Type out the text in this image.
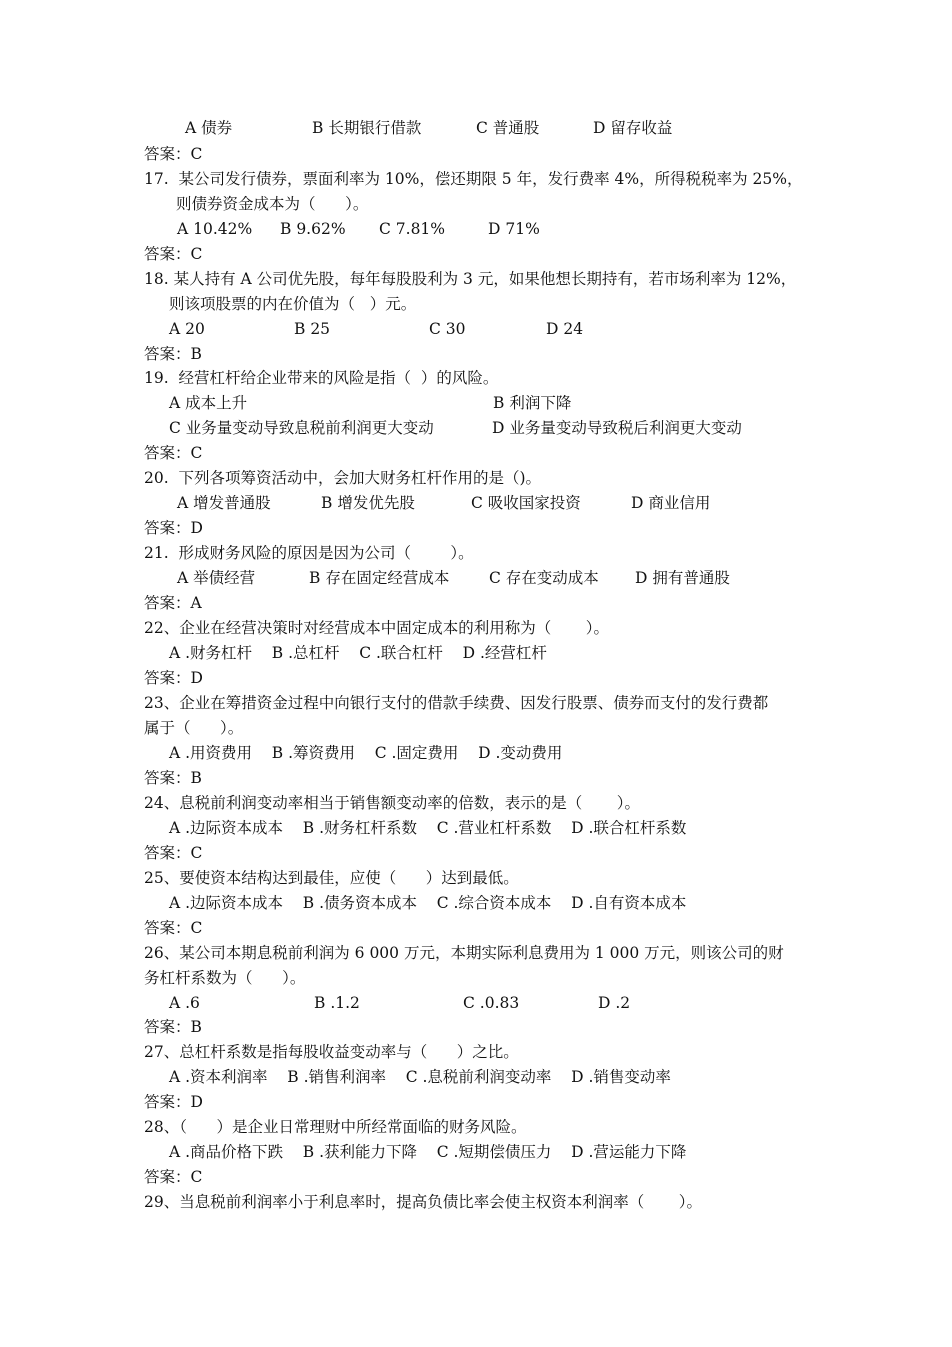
A 债券	B 长期银行借款	C 普通股	D 留存收益
答案：C
17.  某公司发行债券，票面利率为 10%，偿还期限 5 年，发行费率 4%，所得税税率为 25%，
则债券资金成本为（      ）。
A 10.42% B 9.62% C 7.81%	D 71%
答案：C
18. 某人持有 A 公司优先股，每年每股股利为 3 元，如果他想长期持有，若市场利率为 12%，
则该项股票的内在价值为（   ）元。
A 20	B 25	C 30	D 24
答案：B
19.  经营杠杆给企业带来的风险是指（  ）的风险。
A 成本上升	B 利润下降
C 业务量变动导致息税前利润更大变动	D 业务量变动导致税后利润更大变动
答案：C
20.  下列各项筹资活动中，会加大财务杠杆作用的是（)。
A 增发普通股	B 增发优先股	C 吸收国家投资	D 商业信用
答案：D
21.  形成财务风险的原因是因为公司（        ）。
A 举债经营	B 存在固定经营成本	C 存在变动成本 D 拥有普通股
答案：A
22、企业在经营决策时对经营成本中固定成本的利用称为（       ）。
A .财务杠杆    B .总杠杆    C .联合杠杆    D .经营杠杆
答案：D
23、企业在筹措资金过程中向银行支付的借款手续费、因发行股票、债券而支付的发行费都
属于（      ）。
A .用资费用    B .筹资费用    C .固定费用    D .变动费用
答案：B
24、息税前利润变动率相当于销售额变动率的倍数，表示的是（       ）。
A .边际资本成本    B .财务杠杆系数    C .营业杠杆系数    D .联合杠杆系数
答案：C
25、要使资本结构达到最佳，应使（      ）达到最低。
A .边际资本成本    B .债务资本成本    C .综合资本成本    D .自有资本成本
答案：C
26、某公司本期息税前利润为 6 000 万元，本期实际利息费用为 1 000 万元，则该公司的财
务杠杆系数为（      ）。
A .6	B .1.2	C .0.83	D .2
答案：B
27、总杠杆系数是指每股收益变动率与（      ）之比。
A .资本利润率    B .销售利润率    C .息税前利润变动率    D .销售变动率
答案：D
28、（      ）是企业日常理财中所经常面临的财务风险。
A .商品价格下跌    B .获利能力下降    C .短期偿债压力    D .营运能力下降
答案：C
29、当息税前利润率小于利息率时，提高负债比率会使主权资本利润率（       ）。
